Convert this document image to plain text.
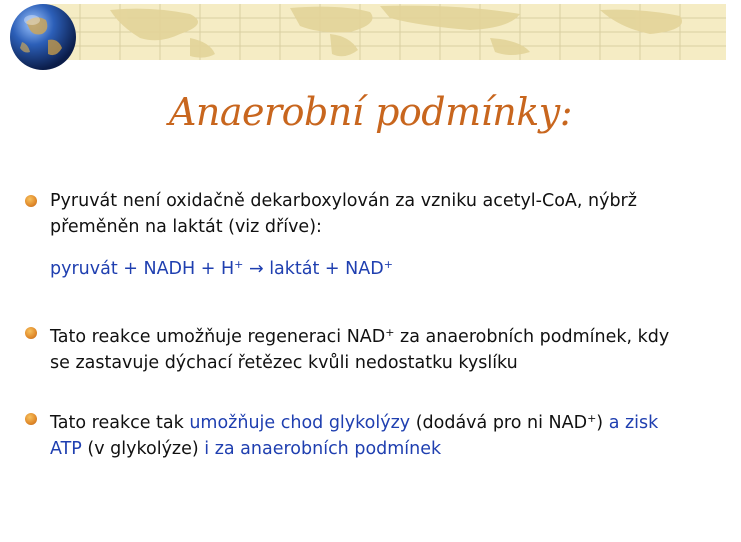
Anaerobní podmínky:
Pyruvát není oxidačně dekarboxylován za vzniku acetyl-CoA, nýbrž
přeměněn na laktát (viz dříve):
pyruvát + NADH + H+ → laktát + NAD+
Tato reakce umožňuje regeneraci NAD+ za anaerobních podmínek, kdy
se zastavuje dýchací řetězec kvůli nedostatku kyslíku
Tato reakce tak umožňuje chod glykolýzy (dodává pro ni NAD+) a zisk
ATP (v glykolýze) i za anaerobních podmínek
